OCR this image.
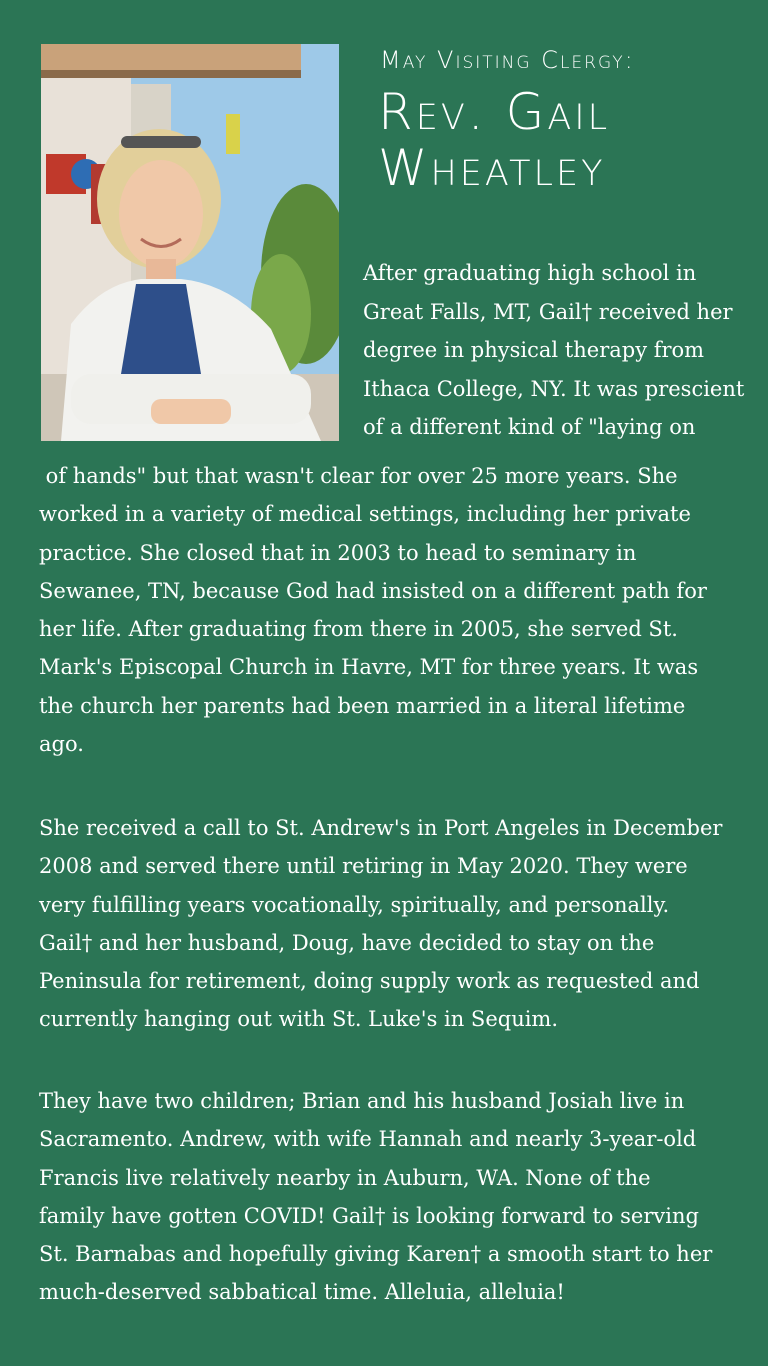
May Visiting Clergy:
Rev. Gail
Wheatley

After graduating high school in
Great Falls, MT, Gail† received her
degree in physical therapy from
Ithaca College, NY. It was prescient
of a different kind of "laying on

of hands" but that wasn't clear for over 25 more years. She
worked in a variety of medical settings, including her private
practice. She closed that in 2003 to head to seminary in
Sewanee, TN, because God had insisted on a different path for
her life. After graduating from there in 2005, she served St.
Mark's Episcopal Church in Havre, MT for three years. It was
the church her parents had been married in a literal lifetime
ago.

She received a call to St. Andrew's in Port Angeles in December
2008 and served there until retiring in May 2020. They were
very fulfilling years vocationally, spiritually, and personally.
Gail† and her husband, Doug, have decided to stay on the
Peninsula for retirement, doing supply work as requested and
currently hanging out with St. Luke's in Sequim.

They have two children; Brian and his husband Josiah live in
Sacramento. Andrew, with wife Hannah and nearly 3-year-old
Francis live relatively nearby in Auburn, WA. None of the
family have gotten COVID! Gail† is looking forward to serving
St. Barnabas and hopefully giving Karen† a smooth start to her
much-deserved sabbatical time. Alleluia, alleluia!
